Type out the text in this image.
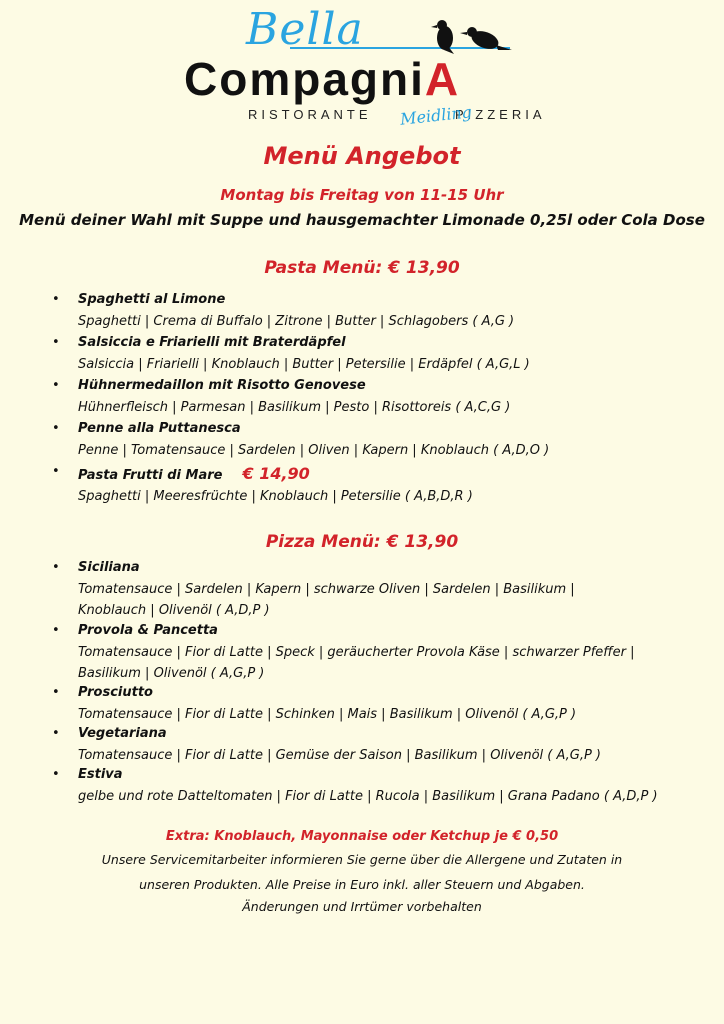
Bella
CompagniA
RISTORANTE	PIZZERIA
Meidling
Menü Angebot
Montag bis Freitag von 11-15 Uhr
Menü deiner Wahl mit Suppe und hausgemachter Limonade 0,25l oder Cola Dose
Pasta Menü: € 13,90
• Spaghetti al Limone
Spaghetti | Crema di Buffalo | Zitrone | Butter | Schlagobers ( A,G )
• Salsiccia e Friarielli mit Braterdäpfel
Salsiccia | Friarielli | Knoblauch | Butter | Petersilie | Erdäpfel ( A,G,L )
• Hühnermedaillon mit Risotto Genovese
Hühnerfleisch | Parmesan | Basilikum | Pesto | Risottoreis ( A,C,G )
• Penne alla Puttanesca
Penne | Tomatensauce | Sardelen | Oliven | Kapern | Knoblauch ( A,D,O )
• Pasta Frutti di Mare € 14,90
Spaghetti | Meeresfrüchte | Knoblauch | Petersilie ( A,B,D,R )
Pizza Menü: € 13,90
• Siciliana
Tomatensauce | Sardelen | Kapern | schwarze Oliven | Sardelen | Basilikum |
Knoblauch | Olivenöl ( A,D,P )
• Provola & Pancetta
Tomatensauce | Fior di Latte | Speck | geräucherter Provola Käse | schwarzer Pfeffer |
Basilikum | Olivenöl ( A,G,P )
• Prosciutto
Tomatensauce | Fior di Latte | Schinken | Mais | Basilikum | Olivenöl ( A,G,P )
• Vegetariana
Tomatensauce | Fior di Latte | Gemüse der Saison | Basilikum | Olivenöl ( A,G,P )
• Estiva
gelbe und rote Datteltomaten | Fior di Latte | Rucola | Basilikum | Grana Padano ( A,D,P )
Extra: Knoblauch, Mayonnaise oder Ketchup je € 0,50
Unsere Servicemitarbeiter informieren Sie gerne über die Allergene und Zutaten in
unseren Produkten. Alle Preise in Euro inkl. aller Steuern und Abgaben.
Änderungen und Irrtümer vorbehalten
